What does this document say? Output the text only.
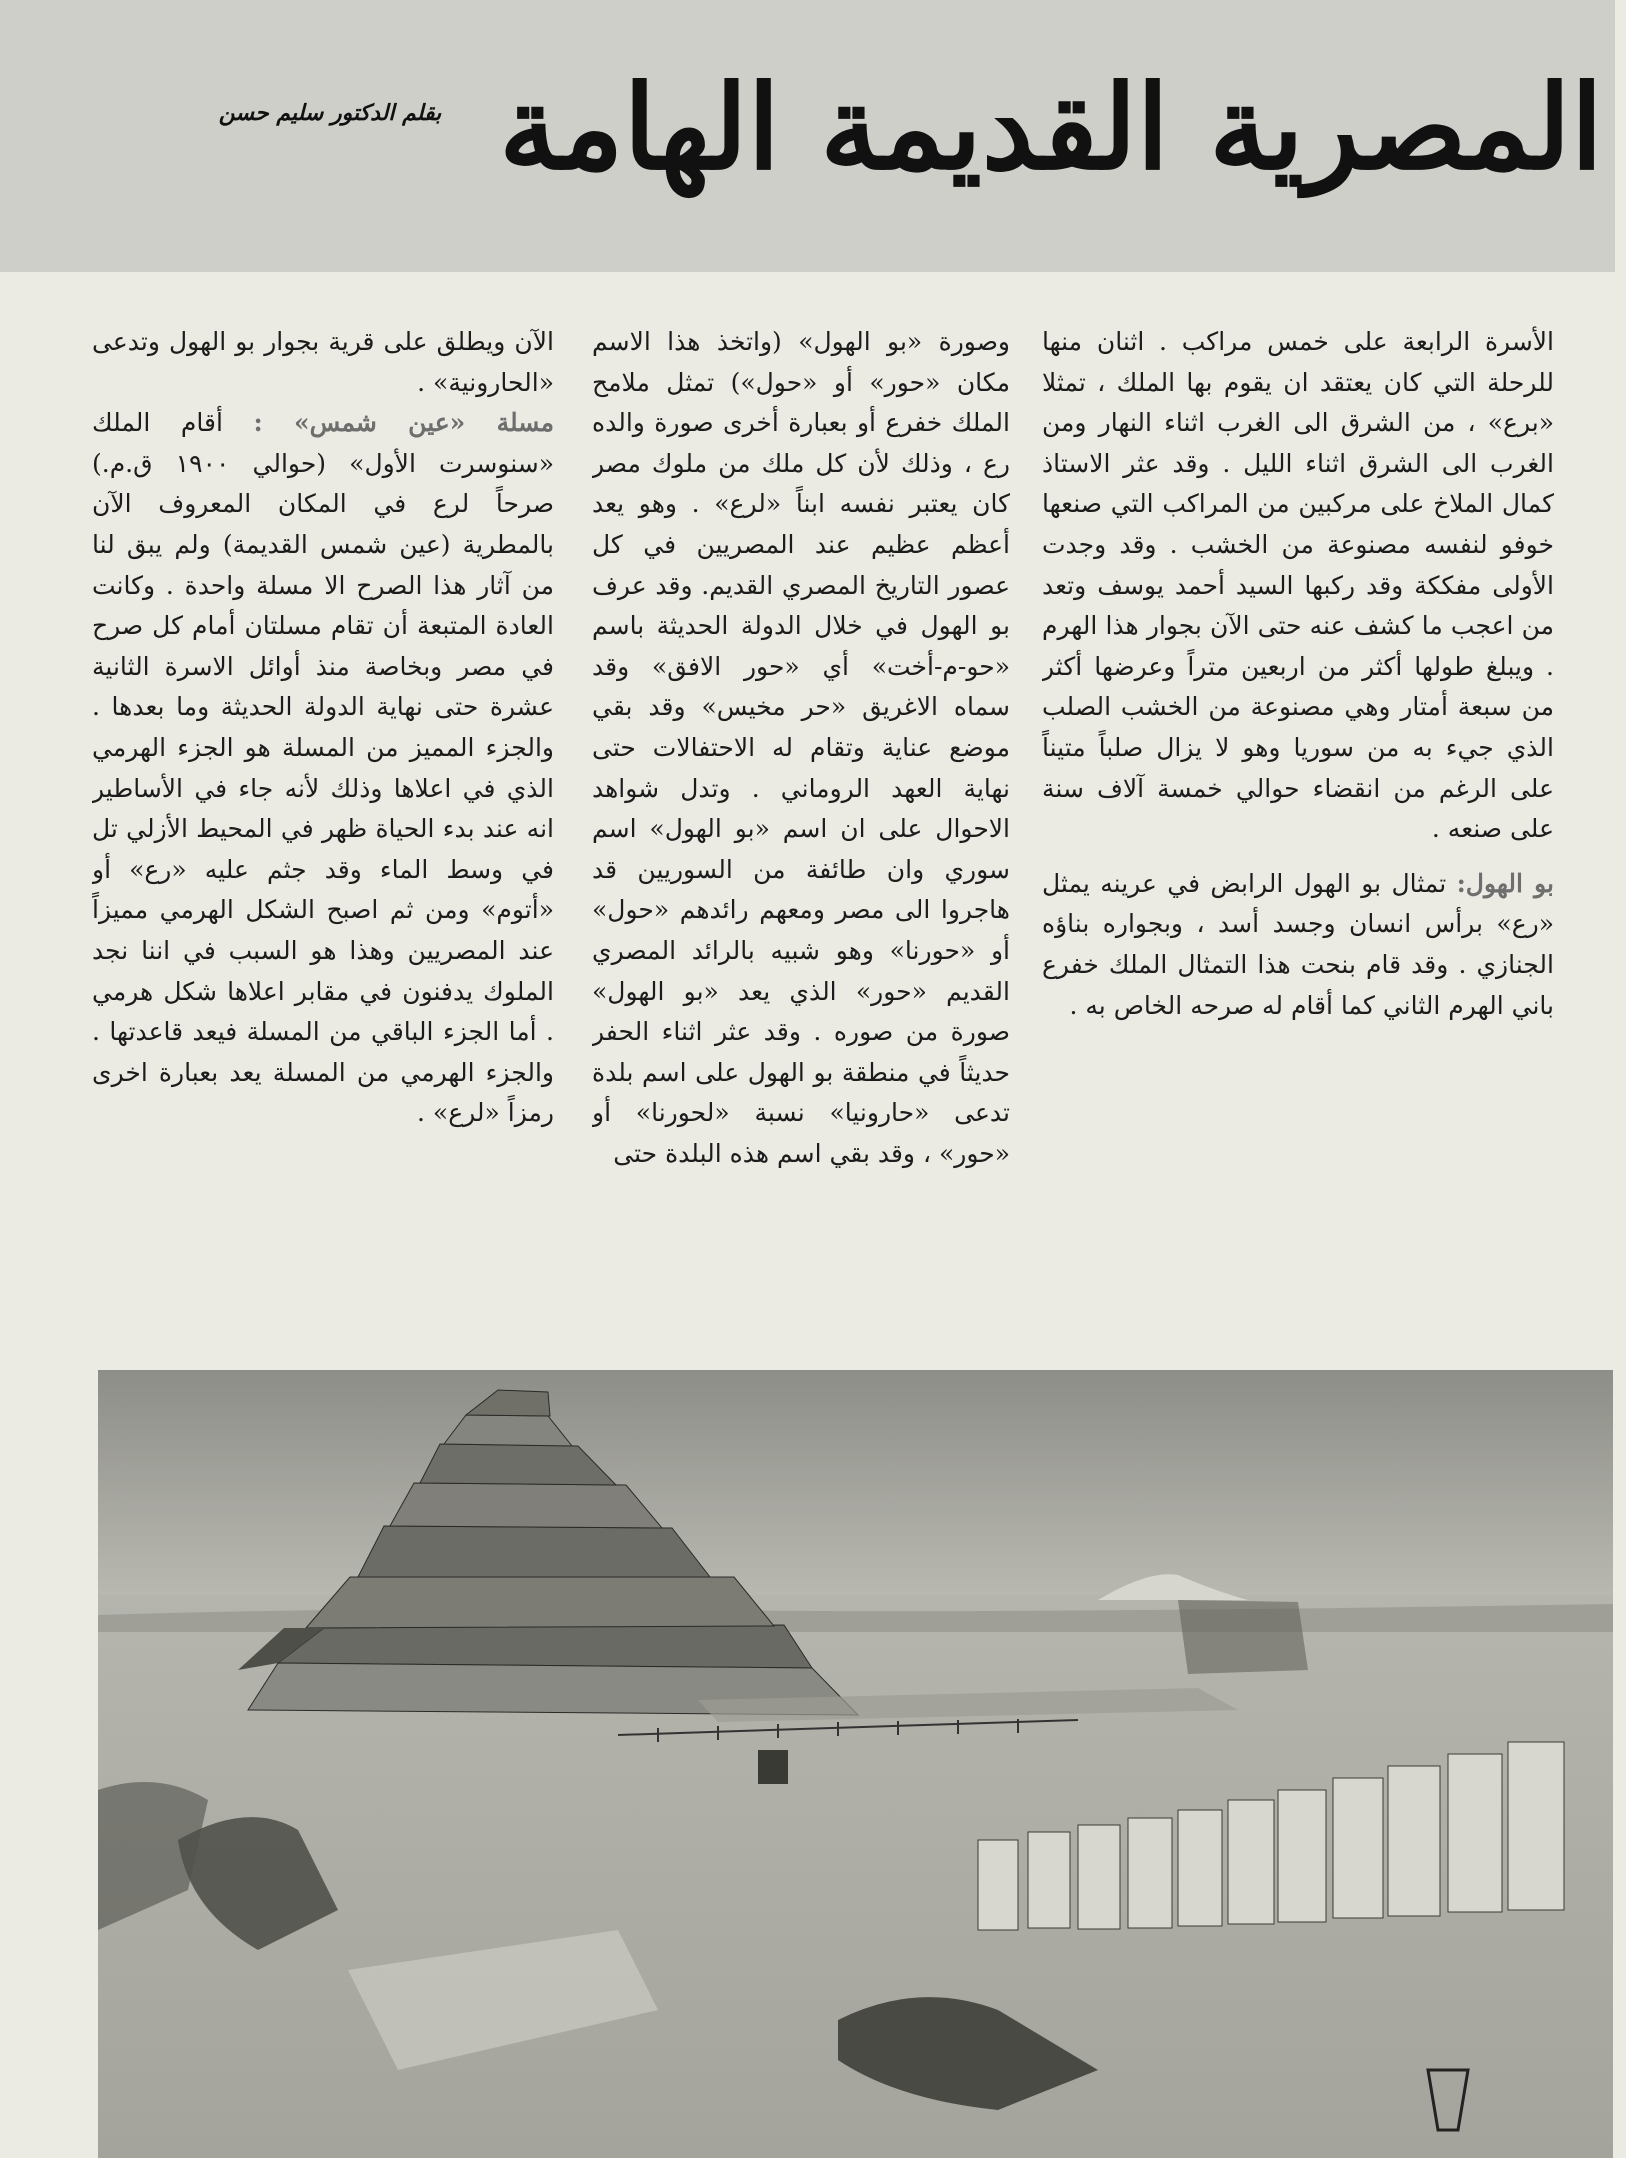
بقلم الدكتور سليم حسن المصرية القديمة الهامة

الأسرة الرابعة على خمس مراكب . اثنان منها للرحلة التي كان يعتقد ان يقوم بها الملك ، تمثلا «برع» ، من الشرق الى الغرب اثناء النهار ومن الغرب الى الشرق اثناء الليل . وقد عثر الاستاذ كمال الملاخ على مركبين من المراكب التي صنعها خوفو لنفسه مصنوعة من الخشب . وقد وجدت الأولى مفككة وقد ركبها السيد أحمد يوسف وتعد من اعجب ما كشف عنه حتى الآن بجوار هذا الهرم . ويبلغ طولها أكثر من اربعين متراً وعرضها أكثر من سبعة أمتار وهي مصنوعة من الخشب الصلب الذي جيء به من سوريا وهو لا يزال صلباً متيناً على الرغم من انقضاء حوالي خمسة آلاف سنة على صنعه .

بو الهول: تمثال بو الهول الرابض في عرينه يمثل «رع» برأس انسان وجسد أسد ، وبجواره بناؤه الجنازي . وقد قام بنحت هذا التمثال الملك خفرع باني الهرم الثاني كما أقام له صرحه الخاص به .

وصورة «بو الهول» (واتخذ هذا الاسم مكان «حور» أو «حول») تمثل ملامح الملك خفرع أو بعبارة أخرى صورة والده رع ، وذلك لأن كل ملك من ملوك مصر كان يعتبر نفسه ابناً «لرع» . وهو يعد أعظم عظيم عند المصريين في كل عصور التاريخ المصري القديم. وقد عرف بو الهول في خلال الدولة الحديثة باسم «حو-م-أخت» أي «حور الافق» وقد سماه الاغريق «حر مخيس» وقد بقي موضع عناية وتقام له الاحتفالات حتى نهاية العهد الروماني . وتدل شواهد الاحوال على ان اسم «بو الهول» اسم سوري وان طائفة من السوريين قد هاجروا الى مصر ومعهم رائدهم «حول» أو «حورنا» وهو شبيه بالرائد المصري القديم «حور» الذي يعد «بو الهول» صورة من صوره . وقد عثر اثناء الحفر حديثاً في منطقة بو الهول على اسم بلدة تدعى «حارونيا» نسبة «لحورنا» أو «حور» ، وقد بقي اسم هذه البلدة حتى

الآن ويطلق على قرية بجوار بو الهول وتدعى «الحارونية» .

مسلة «عين شمس» : أقام الملك «سنوسرت الأول» (حوالي ١٩٠٠ ق.م.) صرحاً لرع في المكان المعروف الآن بالمطرية (عين شمس القديمة) ولم يبق لنا من آثار هذا الصرح الا مسلة واحدة . وكانت العادة المتبعة أن تقام مسلتان أمام كل صرح في مصر وبخاصة منذ أوائل الاسرة الثانية عشرة حتى نهاية الدولة الحديثة وما بعدها . والجزء المميز من المسلة هو الجزء الهرمي الذي في اعلاها وذلك لأنه جاء في الأساطير انه عند بدء الحياة ظهر في المحيط الأزلي تل في وسط الماء وقد جثم عليه «رع» أو «أتوم» ومن ثم اصبح الشكل الهرمي مميزاً عند المصريين وهذا هو السبب في اننا نجد الملوك يدفنون في مقابر اعلاها شكل هرمي . أما الجزء الباقي من المسلة فيعد قاعدتها . والجزء الهرمي من المسلة يعد بعبارة اخرى رمزاً «لرع» .
